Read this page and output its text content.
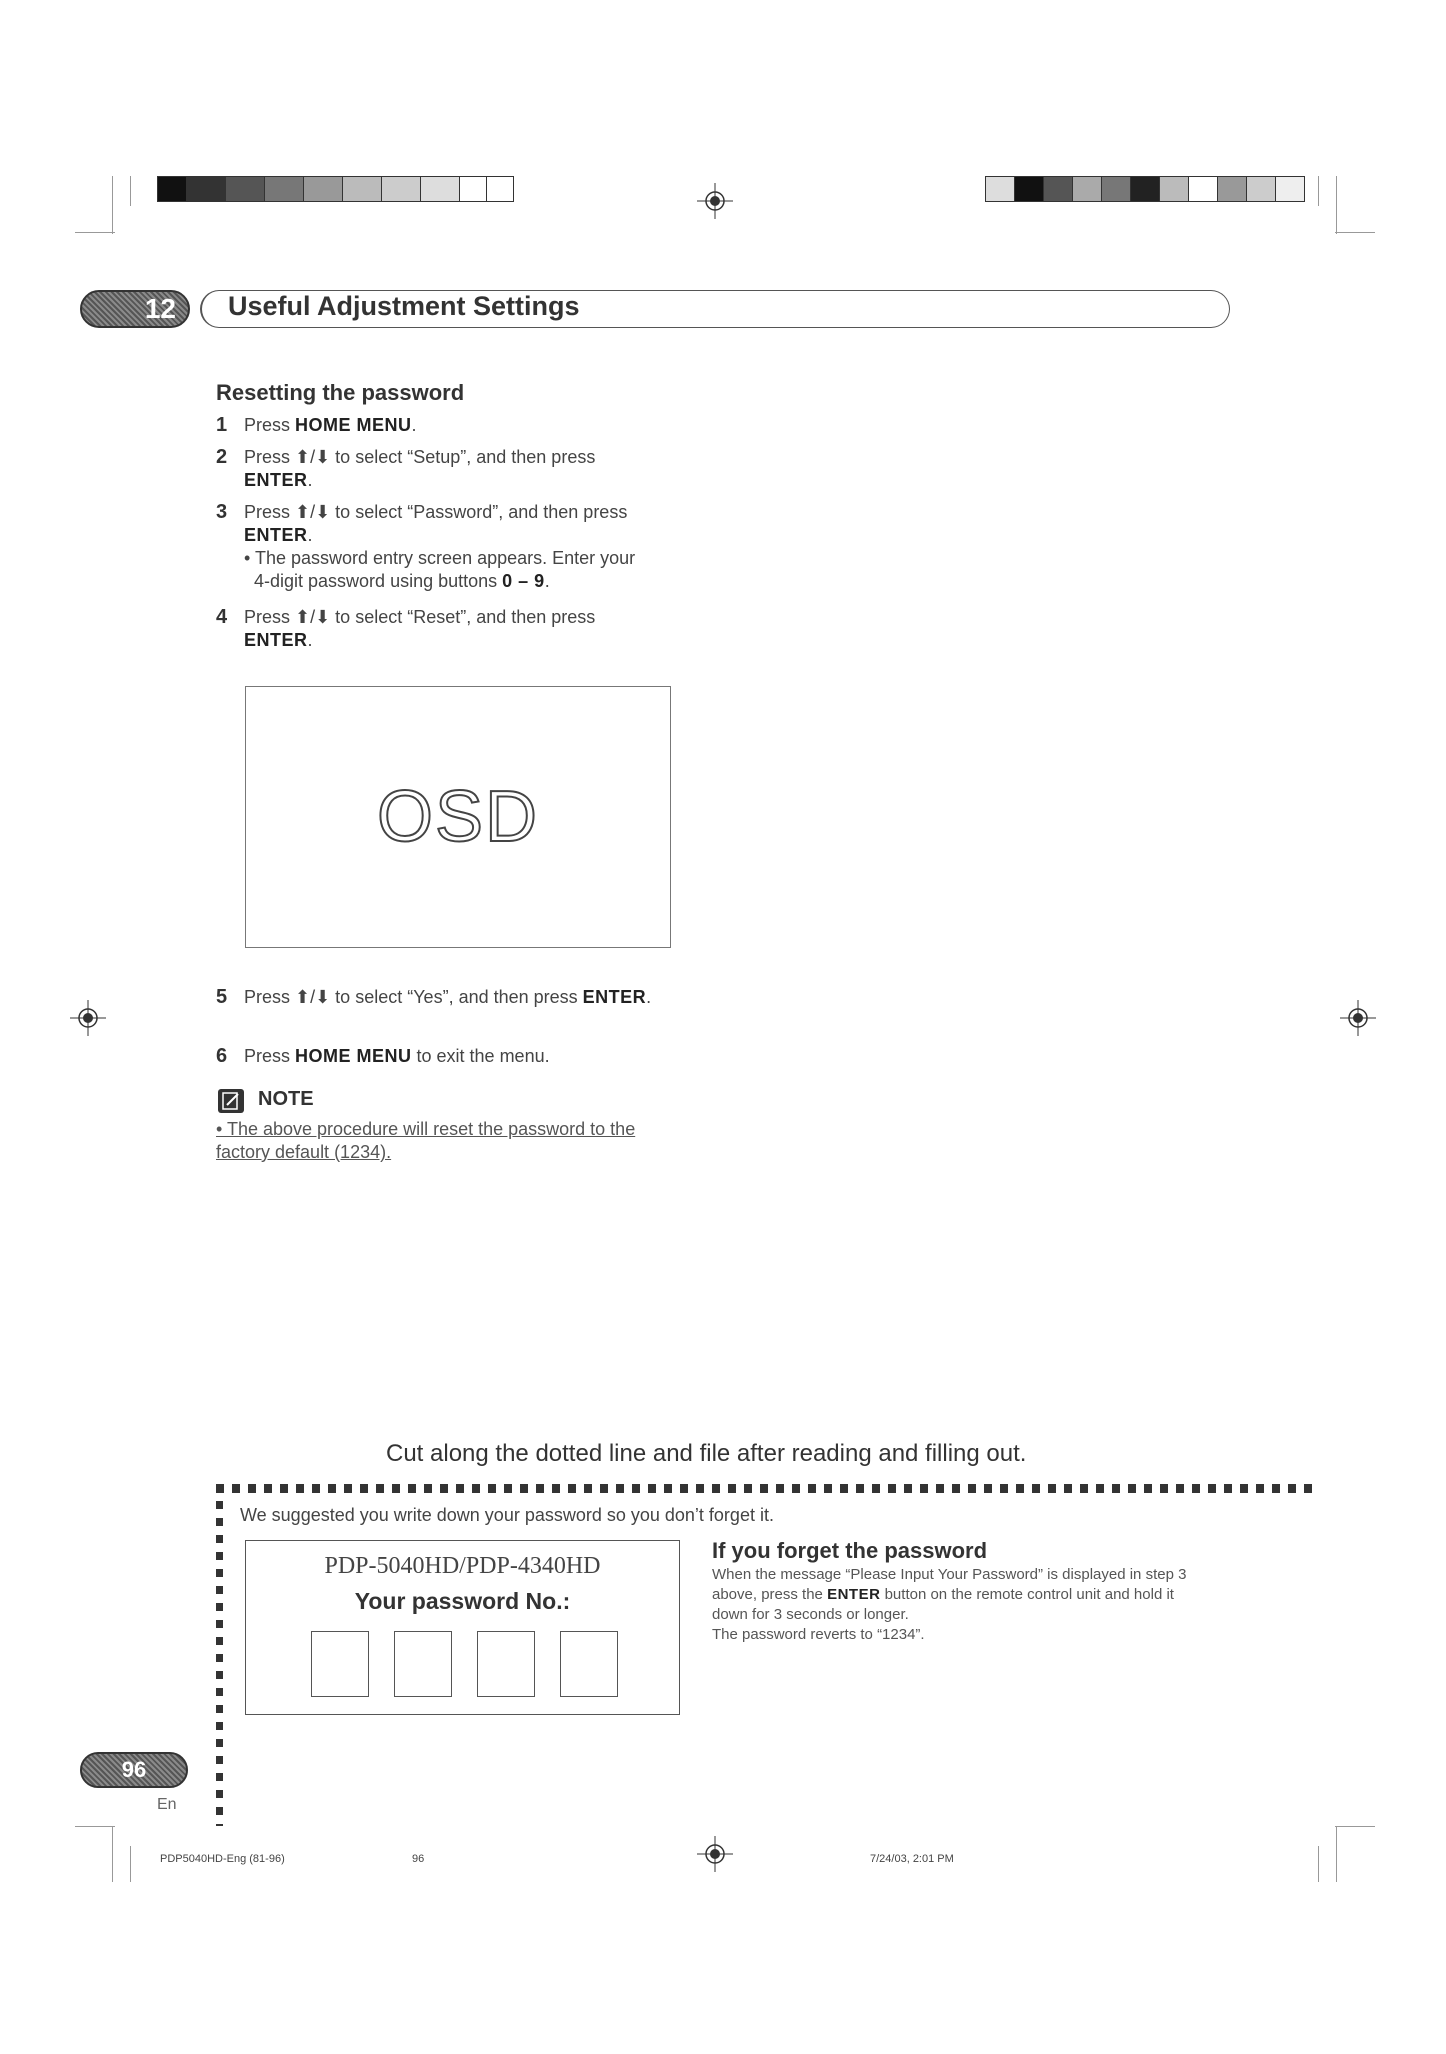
12 Useful Adjustment Settings
Resetting the password
1 Press HOME MENU.
2 Press ⬆/⬇ to select “Setup”, and then press
ENTER.
3 Press ⬆/⬇ to select “Password”, and then press
ENTER.
• The password entry screen appears. Enter your
4-digit password using buttons 0 – 9.
4 Press ⬆/⬇ to select “Reset”, and then press
ENTER.
OSD
5 Press ⬆/⬇ to select “Yes”, and then press ENTER.
6 Press HOME MENU to exit the menu.
NOTE
• The above procedure will reset the password to the factory default (1234).
Cut along the dotted line and file after reading and filling out.
We suggested you write down your password so you don’t forget it.
PDP-5040HD/PDP-4340HD
Your password No.:
If you forget the password
When the message “Please Input Your Password” is displayed in step 3 above, press the ENTER button on the remote control unit and hold it down for 3 seconds or longer.
The password reverts to “1234”.
96
En
PDP5040HD-Eng (81-96)	96	7/24/03, 2:01 PM
